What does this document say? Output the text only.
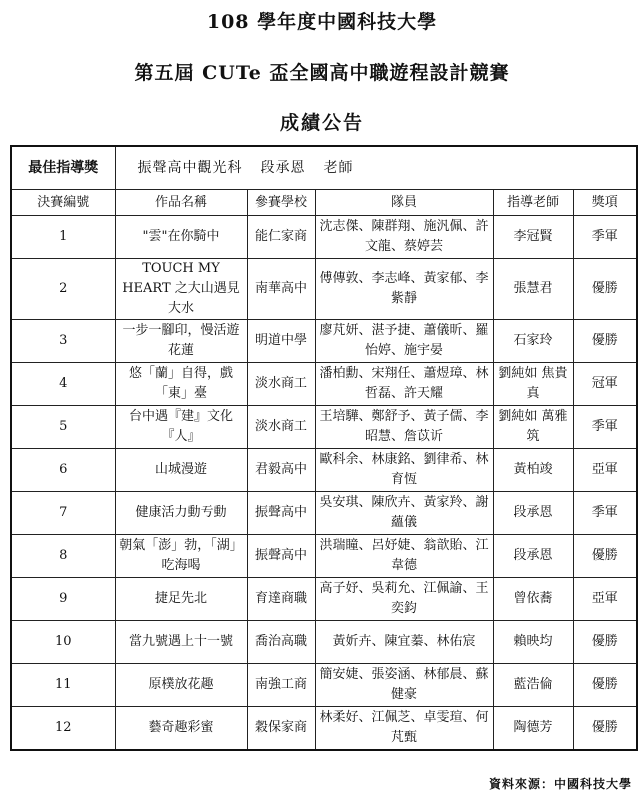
108 學年度中國科技大學
第五屆 CUTe 盃全國高中職遊程設計競賽
成績公告
最佳指導獎	振聲高中觀光科 段承恩 老師				
決賽編號	作品名稱	參賽學校	隊員	指導老師	獎項
1	"雲"在你騎中	能仁家商	沈志傑、陳群翔、施汎佩、許文龍、蔡婷芸	李冠賢	季軍
2	TOUCH MY HEART 之大山遇見大水	南華高中	傅傳敦、李志峰、黃家郁、李紫靜	張慧君	優勝
3	一步一腳印，慢活遊花蓮	明道中學	廖芃妍、湛予捷、蕭儀昕、羅怡婷、施宇晏	石家玲	優勝
4	悠「蘭」自得，戲「東」臺	淡水商工	潘柏勳、宋翔任、蕭煜璋、林哲磊、許天耀	劉純如 焦貴真	冠軍
5	台中遇『建』文化『人』	淡水商工	王培驊、鄭舒予、黃子儒、李昭慧、詹苡䜣	劉純如 萬雅筑	季軍
6	山城漫遊	君毅高中	歐科余、林康銘、劉律希、林育恆	黃柏竣	亞軍
7	健康活力動亐動	振聲高中	吳安琪、陳欣卉、黃家羚、謝蘊儀	段承恩	季軍
8	朝氣「澎」勃，「湖」吃海喝	振聲高中	洪瑞瞳、呂妤婕、翁歆貽、江韋德	段承恩	優勝
9	捷足先北	育達商職	高子妤、吳莉允、江佩諭、王奕鈞	曾依蕎	亞軍
10	當九號遇上十一號	喬治高職	黃妡卉、陳宜蓁、林佑宸	賴映均	優勝
11	原樸放花趣	南強工商	簡安婕、張姿涵、林郁晨、蘇健豪	藍浩倫	優勝
12	藝奇趣彩蜜	穀保家商	林柔好、江佩芝、卓雯瑄、何芃甄	陶德芳	優勝
資料來源：中國科技大學
